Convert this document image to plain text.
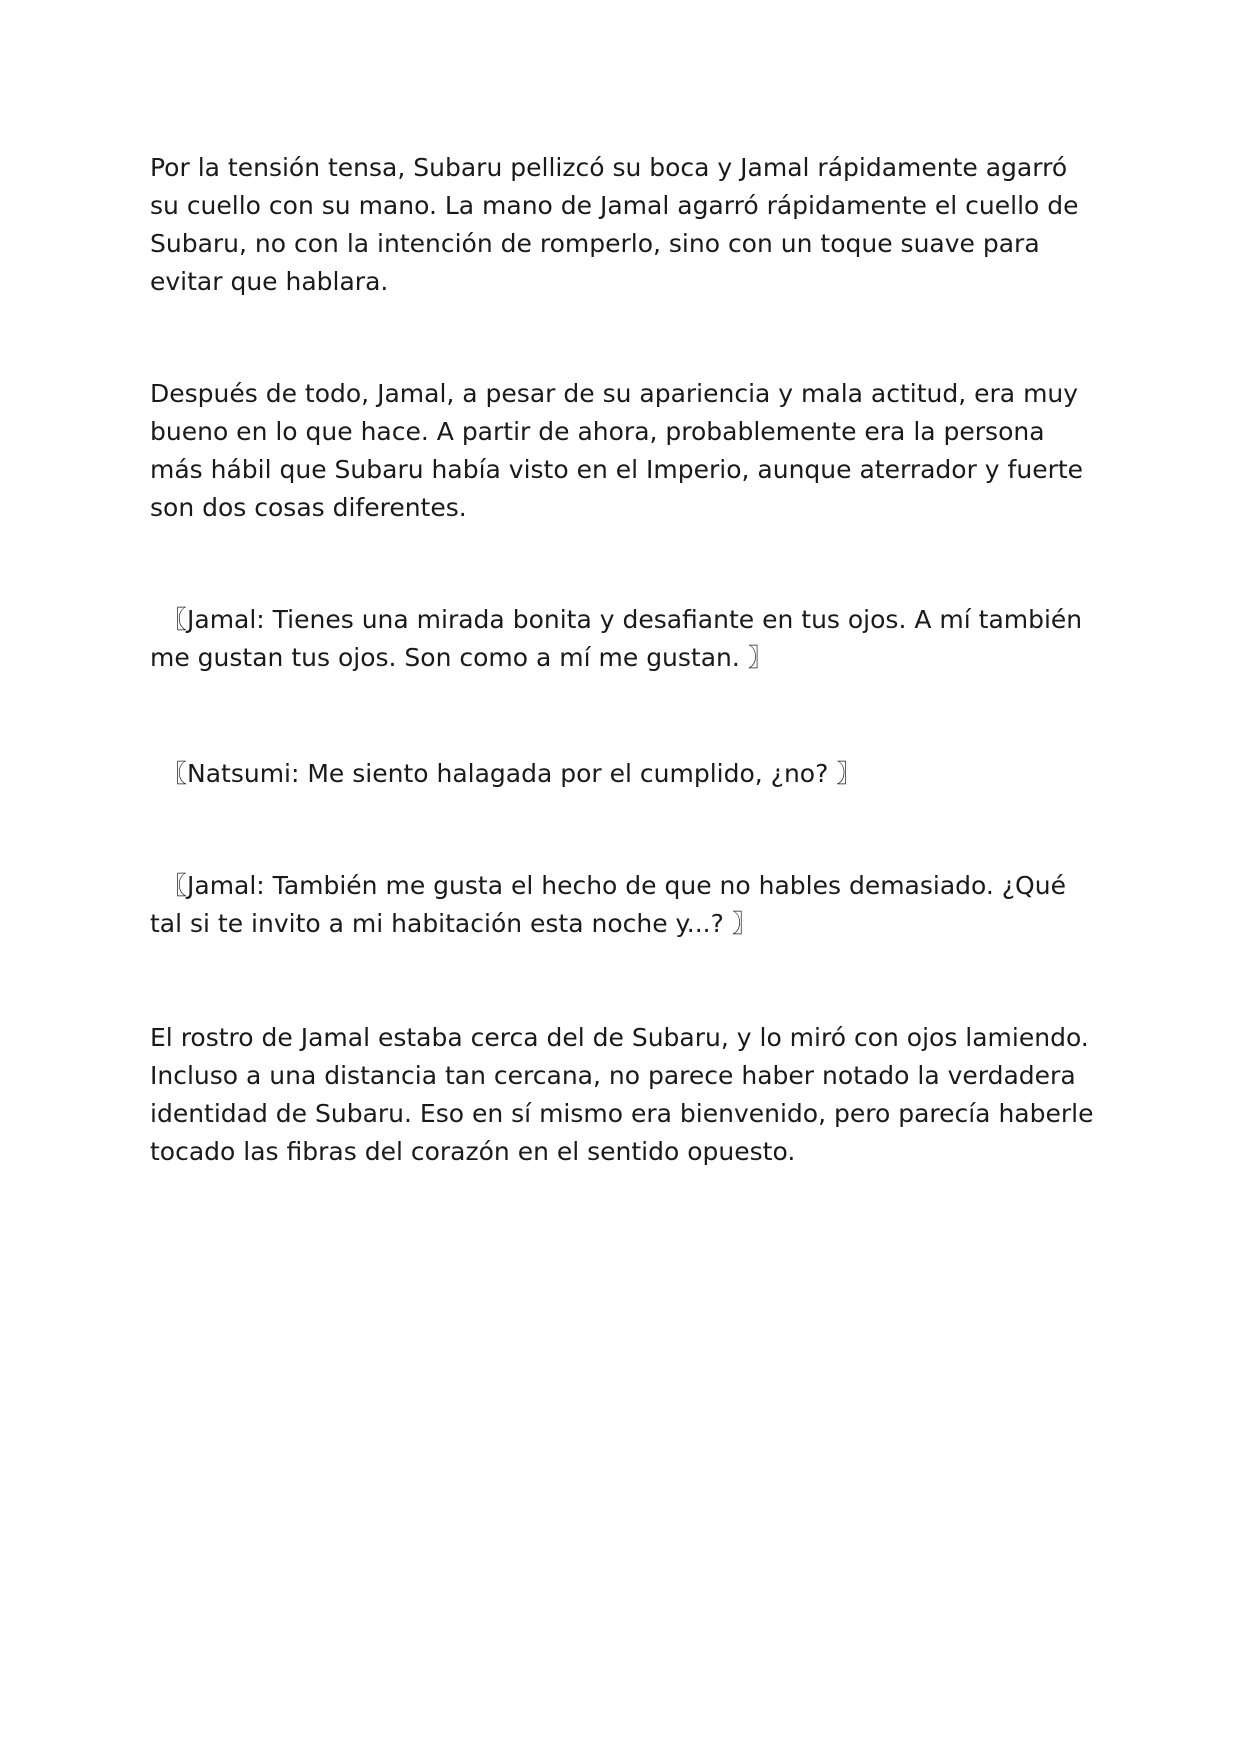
Por la tensión tensa, Subaru pellizcó su boca y Jamal rápidamente agarró su cuello con su mano. La mano de Jamal agarró rápidamente el cuello de Subaru, no con la intención de romperlo, sino con un toque suave para evitar que hablara.

Después de todo, Jamal, a pesar de su apariencia y mala actitud, era muy bueno en lo que hace. A partir de ahora, probablemente era la persona más hábil que Subaru había visto en el Imperio, aunque aterrador y fuerte son dos cosas diferentes.

〖Jamal: Tienes una mirada bonita y desafiante en tus ojos. A mí también me gustan tus ojos. Son como a mí me gustan. 〗

〖Natsumi: Me siento halagada por el cumplido, ¿no? 〗

〖Jamal: También me gusta el hecho de que no hables demasiado. ¿Qué tal si te invito a mi habitación esta noche y...? 〗

El rostro de Jamal estaba cerca del de Subaru, y lo miró con ojos lamiendo. Incluso a una distancia tan cercana, no parece haber notado la verdadera identidad de Subaru. Eso en sí mismo era bienvenido, pero parecía haberle tocado las fibras del corazón en el sentido opuesto.
